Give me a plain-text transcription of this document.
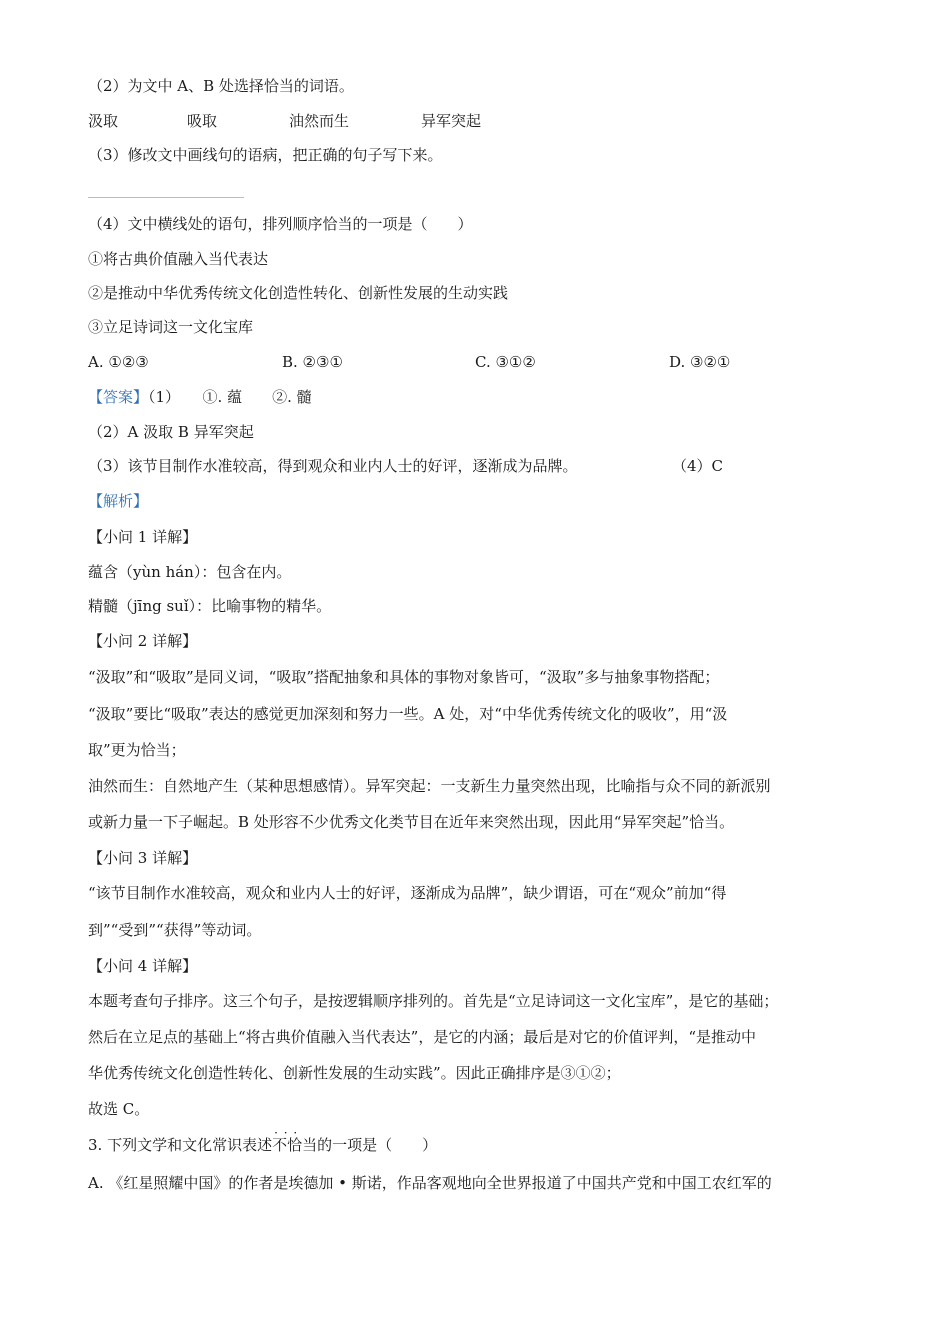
（2）为文中 A、B 处选择恰当的词语。
汲取	吸取	油然而生	异军突起
（3）修改文中画线句的语病，把正确的句子写下来。
（4）文中横线处的语句，排列顺序恰当的一项是（　　）
①将古典价值融入当代表达
②是推动中华优秀传统文化创造性转化、创新性发展的生动实践
③立足诗词这一文化宝库
A. ①②③	B. ②③①	C. ③①②	D. ③②①
【答案】（1）　　①. 蕴　　②. 髓
（2）A 汲取 B 异军突起
（3）该节目制作水准较高，得到观众和业内人士的好评，逐渐成为品牌。	（4）C
【解析】
【小问 1 详解】
蕴含（yùn hán）：包含在内。
精髓（jīng suǐ）：比喻事物的精华。
【小问 2 详解】
“汲取”和“吸取”是同义词，“吸取”搭配抽象和具体的事物对象皆可，“汲取”多与抽象事物搭配；
“汲取”要比“吸取”表达的感觉更加深刻和努力一些。A 处，对“中华优秀传统文化的吸收”，用“汲
取”更为恰当；
油然而生：自然地产生（某种思想感情）。异军突起：一支新生力量突然出现，比喻指与众不同的新派别
或新力量一下子崛起。B 处形容不少优秀文化类节目在近年来突然出现，因此用“异军突起”恰当。
【小问 3 详解】
“该节目制作水准较高，观众和业内人士的好评，逐渐成为品牌”，缺少谓语，可在“观众”前加“得
到”“受到”“获得”等动词。
【小问 4 详解】
本题考查句子排序。这三个句子，是按逻辑顺序排列的。首先是“立足诗词这一文化宝库”，是它的基础；
然后在立足点的基础上“将古典价值融入当代表达”，是它的内涵；最后是对它的价值评判，“是推动中
华优秀传统文化创造性转化、创新性发展的生动实践”。因此正确排序是③①②；
故选 C。
3. 下列文学和文化常识表述· · · 不恰当的一项是（　　）
A. 《红星照耀中国》的作者是埃德加 • 斯诺，作品客观地向全世界报道了中国共产党和中国工农红军的
